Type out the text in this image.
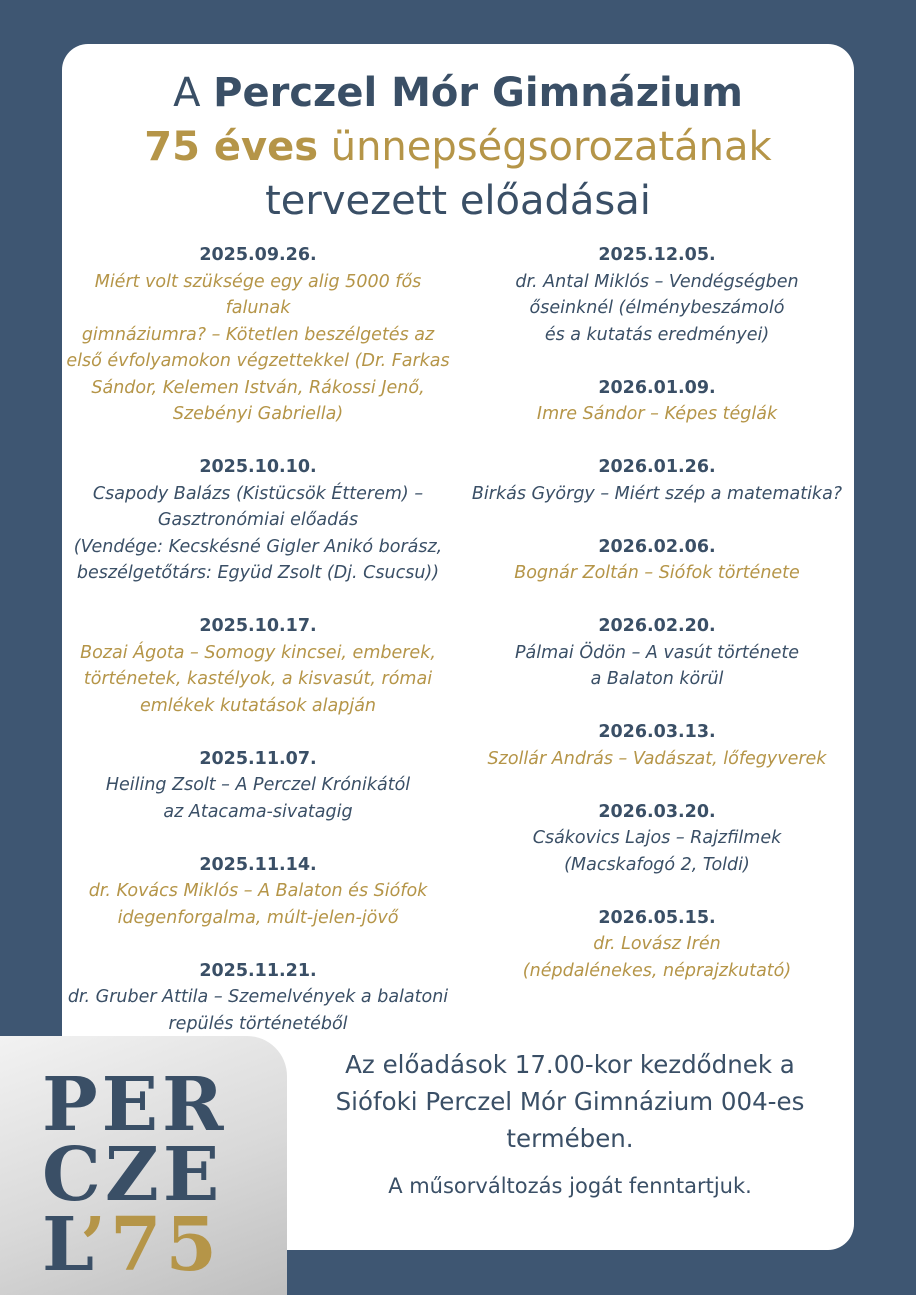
A Perczel Mór Gimnázium
75 éves ünnepségsorozatának
tervezett előadásai
2025.09.26.
Miért volt szüksége egy alig 5000 fős falunak
gimnáziumra? – Kötetlen beszélgetés az
első évfolyamokon végzettekkel (Dr. Farkas
Sándor, Kelemen István, Rákossi Jenő,
Szebényi Gabriella)
2025.10.10.
Csapody Balázs (Kistücsök Étterem) –
Gasztronómiai előadás
(Vendége: Kecskésné Gigler Anikó borász,
beszélgetőtárs: Együd Zsolt (Dj. Csucsu))
2025.10.17.
Bozai Ágota – Somogy kincsei, emberek,
történetek, kastélyok, a kisvasút, római
emlékek kutatások alapján
2025.11.07.
Heiling Zsolt – A Perczel Krónikától
az Atacama-sivatagig
2025.11.14.
dr. Kovács Miklós – A Balaton és Siófok
idegenforgalma, múlt-jelen-jövő
2025.11.21.
dr. Gruber Attila – Szemelvények a balatoni
repülés történetéből
2025.12.05.
dr. Antal Miklós – Vendégségben
őseinknél (élménybeszámoló
és a kutatás eredményei)
2026.01.09.
Imre Sándor – Képes téglák
2026.01.26.
Birkás György – Miért szép a matematika?
2026.02.06.
Bognár Zoltán – Siófok története
2026.02.20.
Pálmai Ödön – A vasút története
a Balaton körül
2026.03.13.
Szollár András – Vadászat, lőfegyverek
2026.03.20.
Csákovics Lajos – Rajzfilmek
(Macskafogó 2, Toldi)
2026.05.15.
dr. Lovász Irén
(népdalénekes, néprajzkutató)
Az előadások 17.00-kor kezdődnek a
Siófoki Perczel Mór Gimnázium 004-es
termében.
A műsorváltozás jogát fenntartjuk.
PER
CZE
L’75
